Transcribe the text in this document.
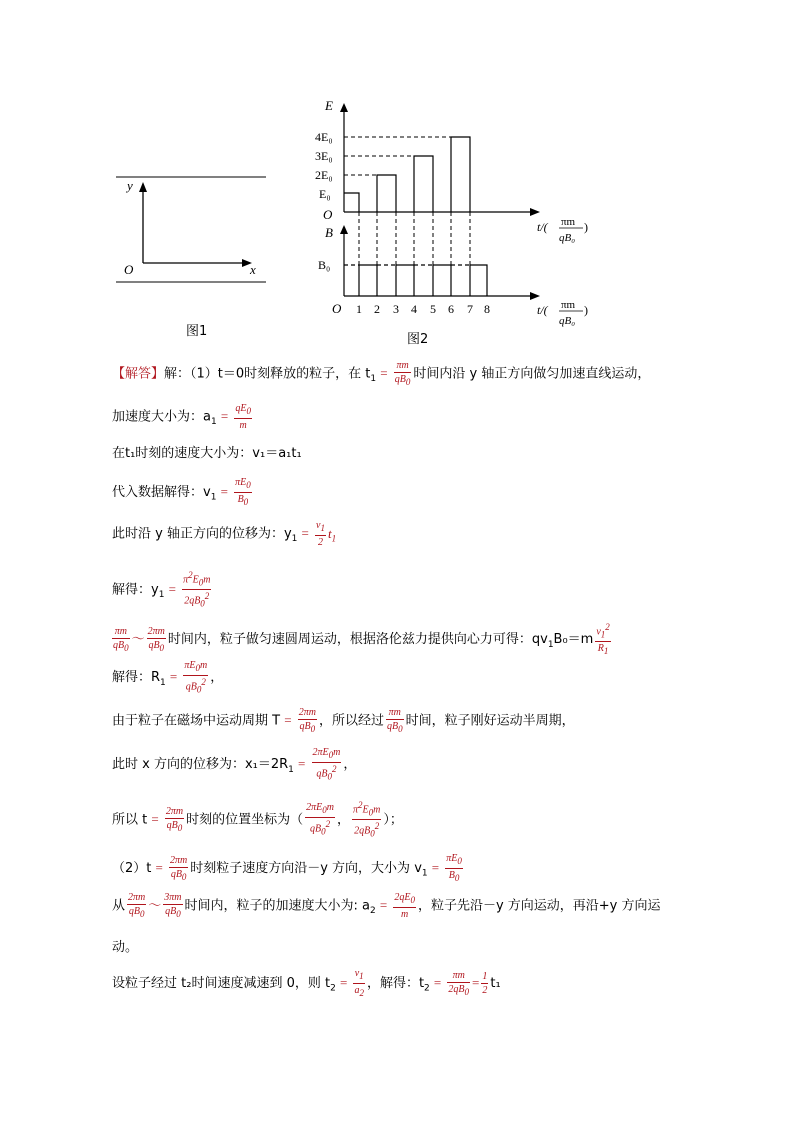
y
x
O
图1
E
O
4E₀
3E₀
2E₀
E₀
B
B₀
O 1 2 3 4 5 6 7 8
t/( πm
qB₀
)
t/( πm
qB₀
)
图2
【解答】解：（1）t＝0时刻释放的粒子，在 $t_1 = \frac{\pi m}{qB_0}$ 时间内沿 y 轴正方向做匀加速直线运动，
加速度大小为：$a_1 = \frac{qE_0}{m}$
在t₁时刻的速度大小为：v₁＝a₁t₁
代入数据解得：$v_1 = \frac{\pi E_0}{B_0}$
此时沿 y 轴正方向的位移为：$y_1 = \frac{v_1}{2} t_1$
解得：$y_1 = \frac{\pi^2E_0m}{2qB_0^2}$
$\frac{\pi m}{qB_0}$ ～ $\frac{2\pi m}{qB_0}$ 时间内，粒子做匀速圆周运动，根据洛伦兹力提供向心力可得：$qv_1B_0=m \frac{v_1^2}{R_1}$
解得：$R_1 = \frac{\pi E_0m}{qB_0^2}$ ，
由于粒子在磁场中运动周期 $T = \frac{2\pi m}{qB_0}$ ，所以经过 $\frac{\pi m}{qB_0}$ 时间，粒子刚好运动半周期，
此时 x 方向的位移为：$x_1=2R_1 = \frac{2\pi E_0m}{qB_0^2}$ ，
所以 $t = \frac{2\pi m}{qB_0}$ 时刻的位置坐标为（ $\frac{2\pi E_0m}{qB_0^2}$ ， $\frac{\pi^2E_0m}{2qB_0^2}$ ）；
$(2)t = \frac{2\pi m}{qB_0}$ 时刻粒子速度方向沿－y 方向，大小为 $v_1 = \frac{\pi E_0}{B_0}$
从 $\frac{2\pi m}{qB_0}$ ～ $\frac{3\pi m}{qB_0}$ 时间内，粒子的加速度大小为: $a_2 = \frac{2qE_0}{m}$ ，粒子先沿－y 方向运动，再沿+y 方向运
动。
设粒子经过 t₂时间速度减速到 0，则 $t_2 = \frac{v_1}{a_2}$ ，解得：$t_2 = \frac{\pi m}{2qB_0} = \frac{1}{2} t_1$
